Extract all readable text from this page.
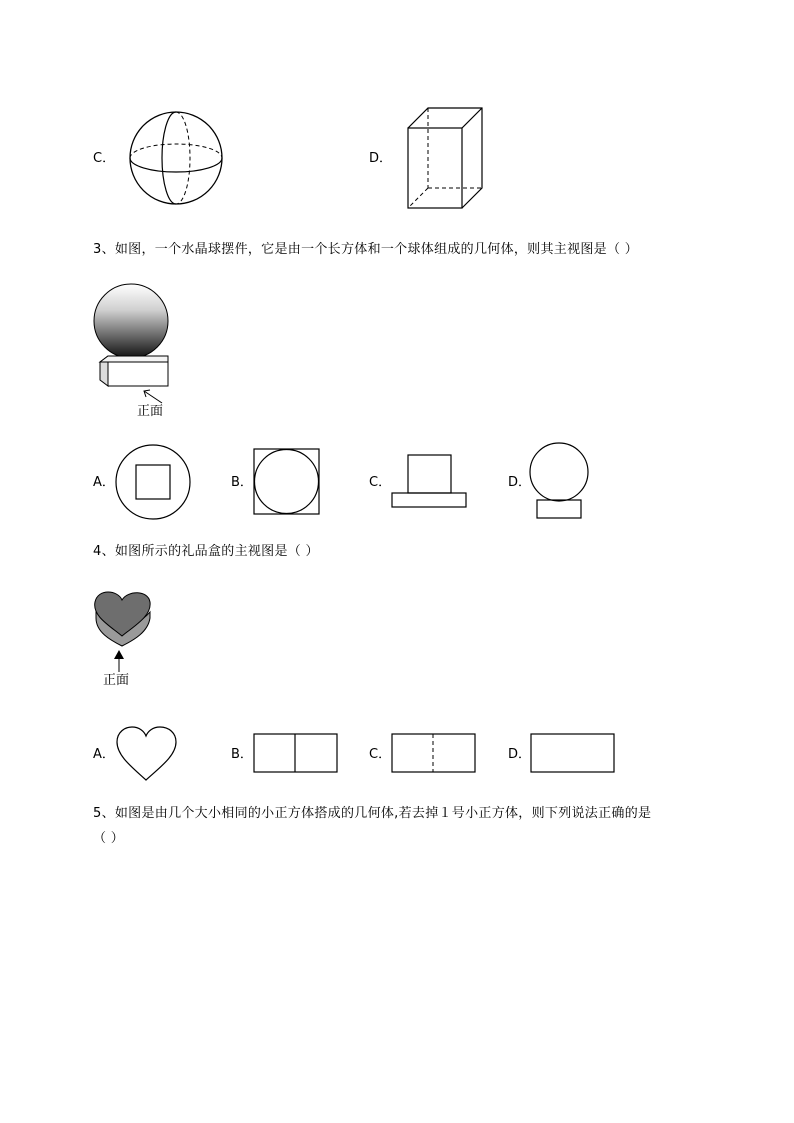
C．	D．
3、如图，一个水晶球摆件，它是由一个长方体和一个球体组成的几何体，则其主视图是（ ）
正面
A．	B．	C．	D．
4、如图所示的礼品盒的主视图是（ ）
正面
A．	B．	C．	D．
5、如图是由几个大小相同的小正方体搭成的几何体,若去掉１号小正方体，则下列说法正确的是
（ ）
